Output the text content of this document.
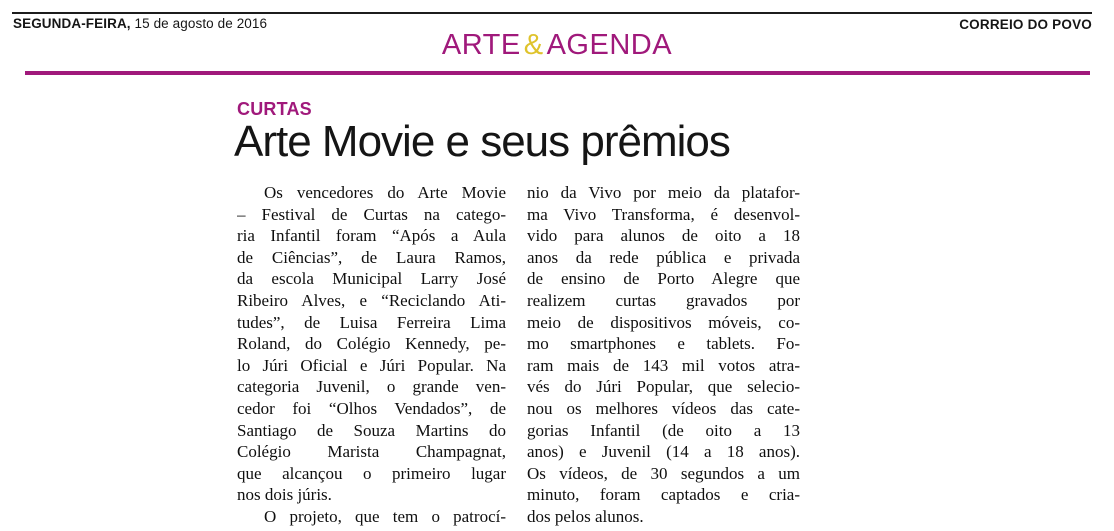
SEGUNDA-FEIRA, 15 de agosto de 2016	CORREIO DO POVO
ARTE & AGENDA
CURTAS
Arte Movie e seus prêmios
Os vencedores do Arte Movie
– Festival de Curtas na catego-
ria Infantil foram “Após a Aula
de Ciências”, de Laura Ramos,
da escola Municipal Larry José
Ribeiro Alves, e “Reciclando Ati-
tudes”, de Luisa Ferreira Lima
Roland, do Colégio Kennedy, pe-
lo Júri Oficial e Júri Popular. Na
categoria Juvenil, o grande ven-
cedor foi “Olhos Vendados”, de
Santiago de Souza Martins do
Colégio Marista Champagnat,
que alcançou o primeiro lugar
nos dois júris.
O projeto, que tem o patrocí-
nio da Vivo por meio da platafor-
ma Vivo Transforma, é desenvol-
vido para alunos de oito a 18
anos da rede pública e privada
de ensino de Porto Alegre que
realizem curtas gravados por
meio de dispositivos móveis, co-
mo smartphones e tablets. Fo-
ram mais de 143 mil votos atra-
vés do Júri Popular, que selecio-
nou os melhores vídeos das cate-
gorias Infantil (de oito a 13
anos) e Juvenil (14 a 18 anos).
Os vídeos, de 30 segundos a um
minuto, foram captados e cria-
dos pelos alunos.
